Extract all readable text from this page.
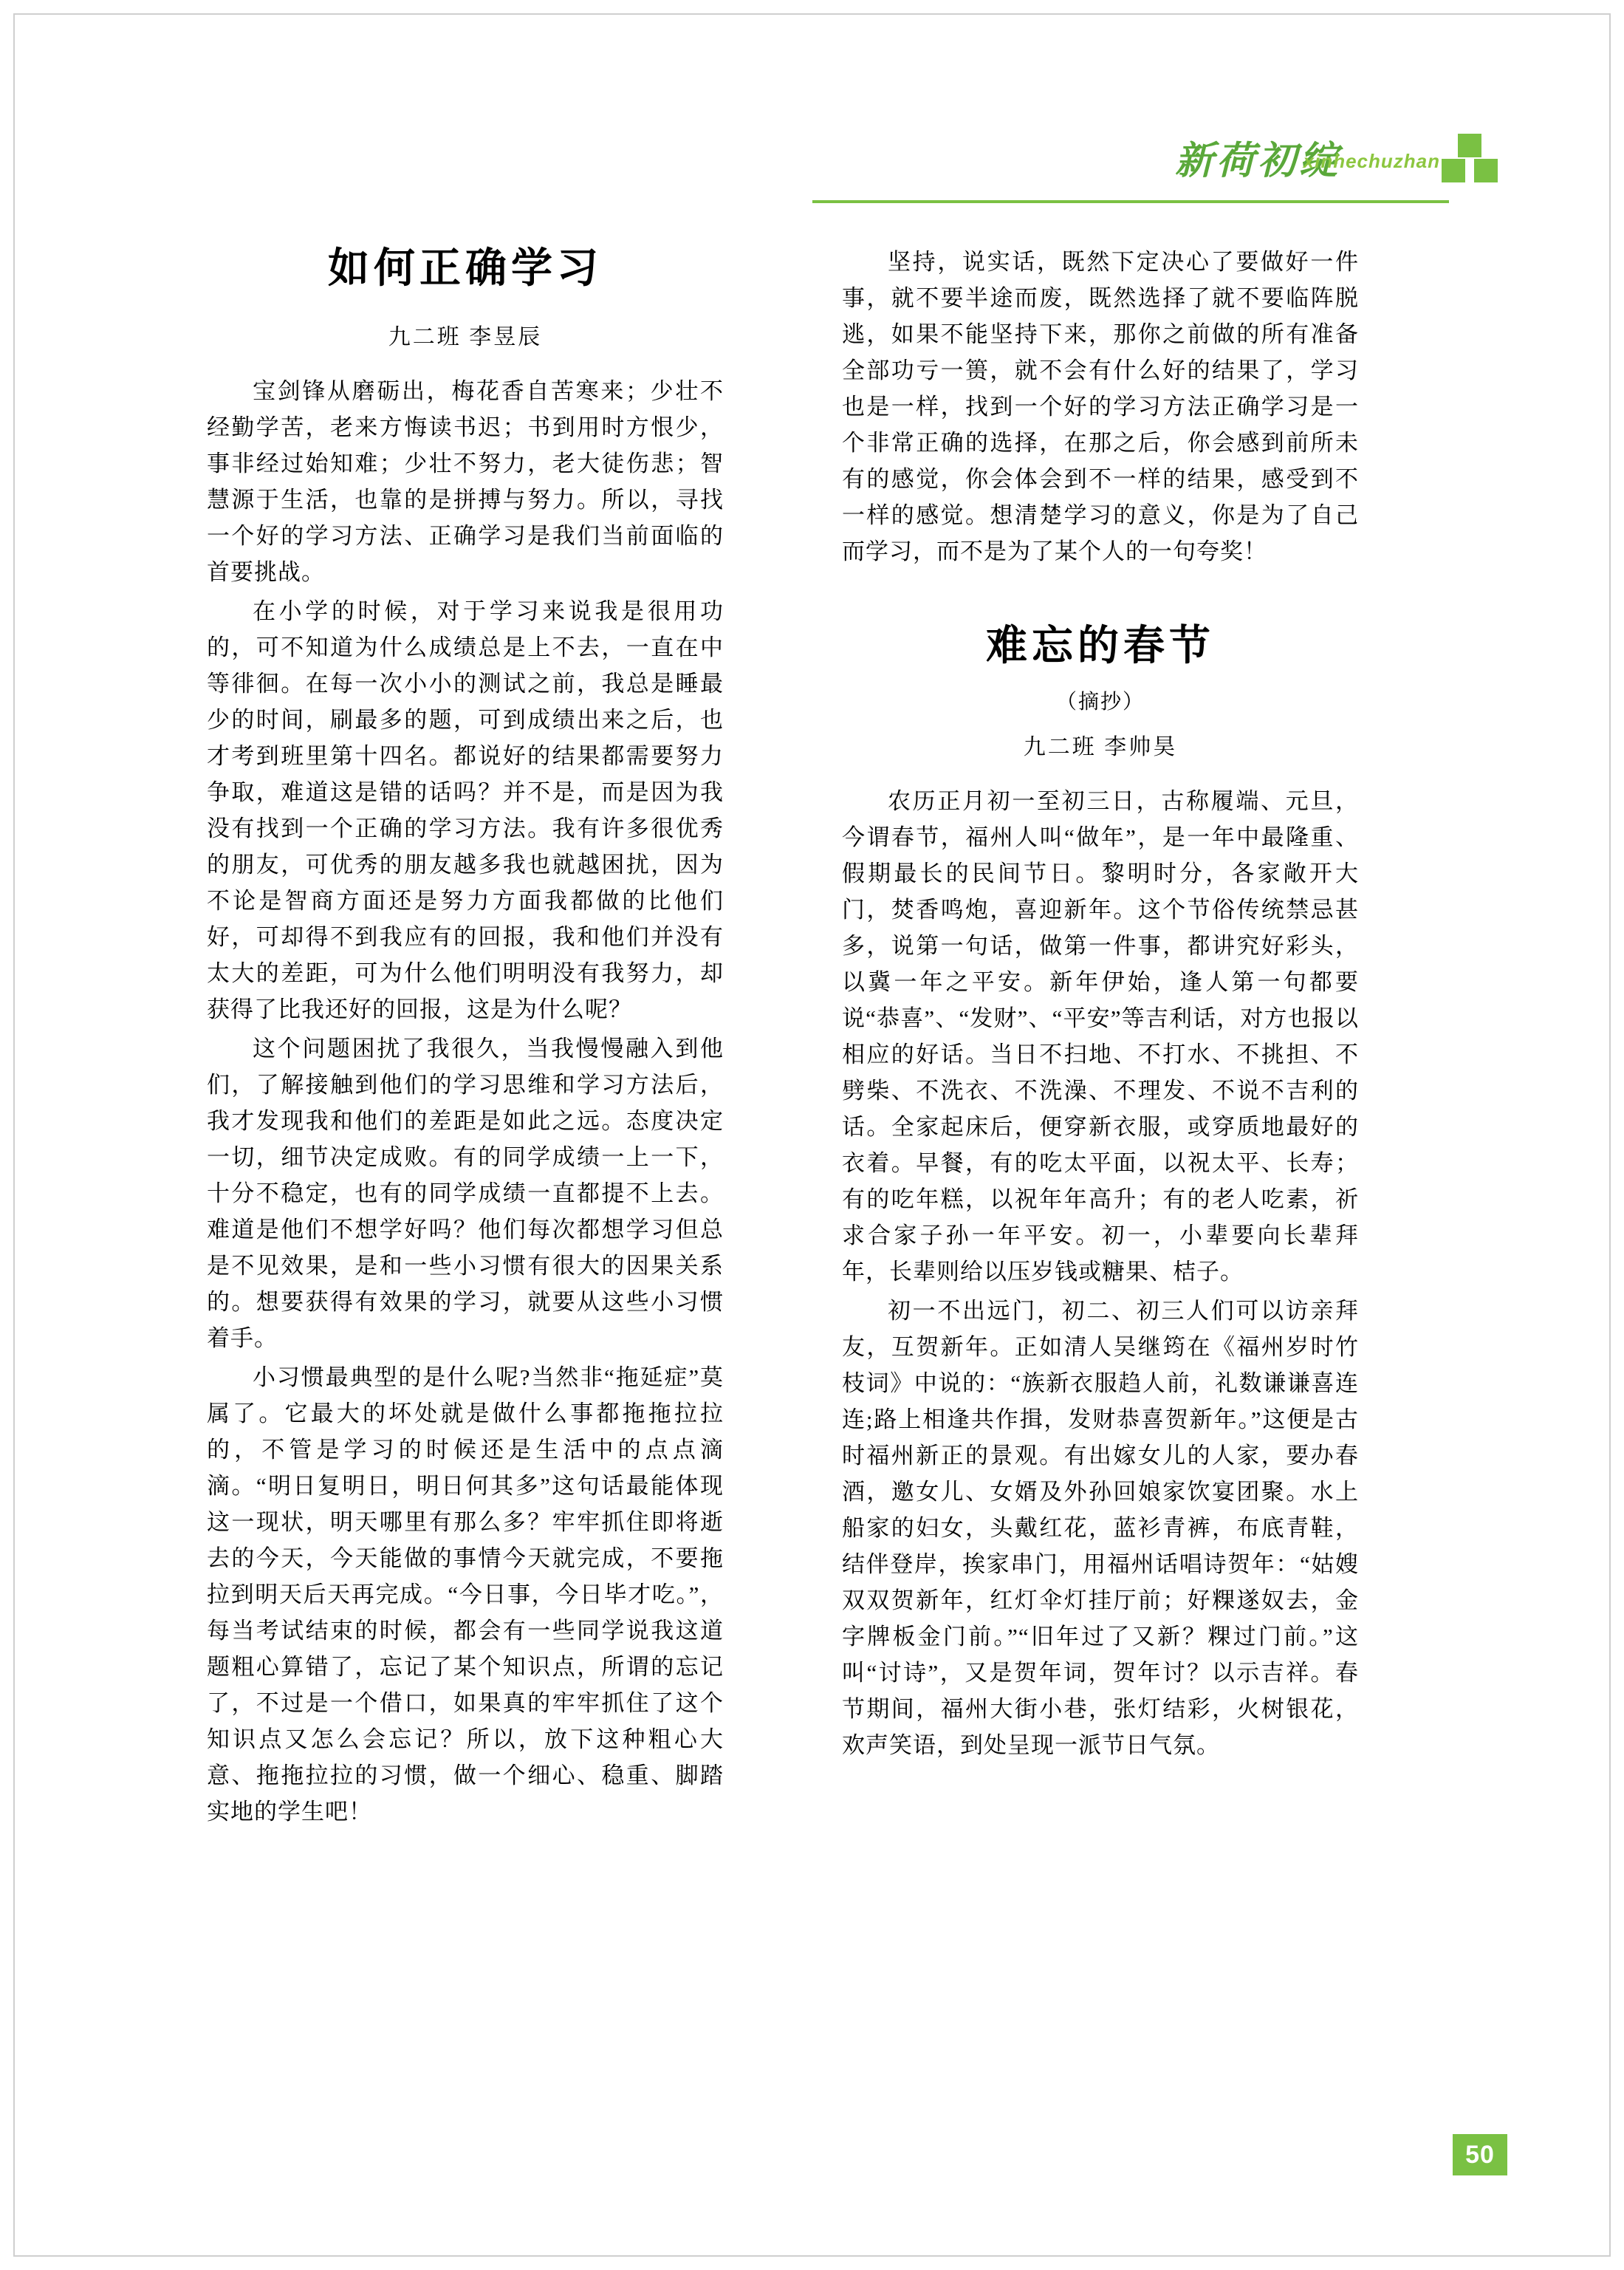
新荷初绽
xinhechuzhan
如何正确学习
九二班 李昱辰

宝剑锋从磨砺出，梅花香自苦寒来；少壮不经勤学苦，老来方悔读书迟；书到用时方恨少，事非经过始知难；少壮不努力，老大徒伤悲；智慧源于生活，也靠的是拼搏与努力。所以，寻找一个好的学习方法、正确学习是我们当前面临的首要挑战。

在小学的时候，对于学习来说我是很用功的，可不知道为什么成绩总是上不去，一直在中等徘徊。在每一次小小的测试之前，我总是睡最少的时间，刷最多的题，可到成绩出来之后，也才考到班里第十四名。都说好的结果都需要努力争取，难道这是错的话吗？并不是，而是因为我没有找到一个正确的学习方法。我有许多很优秀的朋友，可优秀的朋友越多我也就越困扰，因为不论是智商方面还是努力方面我都做的比他们好，可却得不到我应有的回报，我和他们并没有太大的差距，可为什么他们明明没有我努力，却获得了比我还好的回报，这是为什么呢？

这个问题困扰了我很久，当我慢慢融入到他们，了解接触到他们的学习思维和学习方法后，我才发现我和他们的差距是如此之远。态度决定一切，细节决定成败。有的同学成绩一上一下，十分不稳定，也有的同学成绩一直都提不上去。难道是他们不想学好吗？他们每次都想学习但总是不见效果，是和一些小习惯有很大的因果关系的。想要获得有效果的学习，就要从这些小习惯着手。

小习惯最典型的是什么呢?当然非“拖延症”莫属了。它最大的坏处就是做什么事都拖拖拉拉的，不管是学习的时候还是生活中的点点滴滴。“明日复明日，明日何其多”这句话最能体现这一现状，明天哪里有那么多？牢牢抓住即将逝去的今天，今天能做的事情今天就完成，不要拖拉到明天后天再完成。“今日事，今日毕才吃。”，每当考试结束的时候，都会有一些同学说我这道题粗心算错了，忘记了某个知识点，所谓的忘记了，不过是一个借口，如果真的牢牢抓住了这个知识点又怎么会忘记？所以，放下这种粗心大意、拖拖拉拉的习惯，做一个细心、稳重、脚踏实地的学生吧！

坚持，说实话，既然下定决心了要做好一件事，就不要半途而废，既然选择了就不要临阵脱逃，如果不能坚持下来，那你之前做的所有准备全部功亏一篑，就不会有什么好的结果了，学习也是一样，找到一个好的学习方法正确学习是一个非常正确的选择，在那之后，你会感到前所未有的感觉，你会体会到不一样的结果，感受到不一样的感觉。想清楚学习的意义，你是为了自己而学习，而不是为了某个人的一句夸奖！

难忘的春节
（摘抄）
九二班 李帅昊

农历正月初一至初三日，古称履端、元旦，今谓春节，福州人叫“做年”，是一年中最隆重、假期最长的民间节日。黎明时分，各家敞开大门，焚香鸣炮，喜迎新年。这个节俗传统禁忌甚多，说第一句话，做第一件事，都讲究好彩头，以冀一年之平安。新年伊始，逢人第一句都要说“恭喜”、“发财”、“平安”等吉利话，对方也报以相应的好话。当日不扫地、不打水、不挑担、不劈柴、不洗衣、不洗澡、不理发、不说不吉利的话。全家起床后，便穿新衣服，或穿质地最好的衣着。早餐，有的吃太平面，以祝太平、长寿；有的吃年糕，以祝年年高升；有的老人吃素，祈求合家子孙一年平安。初一，小辈要向长辈拜年，长辈则给以压岁钱或糖果、桔子。

初一不出远门，初二、初三人们可以访亲拜友，互贺新年。正如清人吴继筠在《福州岁时竹枝词》中说的：“族新衣服趋人前，礼数谦谦喜连连;路上相逢共作揖，发财恭喜贺新年。”这便是古时福州新正的景观。有出嫁女儿的人家，要办春酒，邀女儿、女婿及外孙回娘家饮宴团聚。水上船家的妇女，头戴红花，蓝衫青裤，布底青鞋，结伴登岸，挨家串门，用福州话唱诗贺年：“姑嫂双双贺新年，红灯伞灯挂厅前；好粿遂奴去，金字牌板金门前。”“旧年过了又新？粿过门前。”这叫“讨诗”，又是贺年词，贺年讨？以示吉祥。春节期间，福州大街小巷，张灯结彩，火树银花，欢声笑语，到处呈现一派节日气氛。

50
